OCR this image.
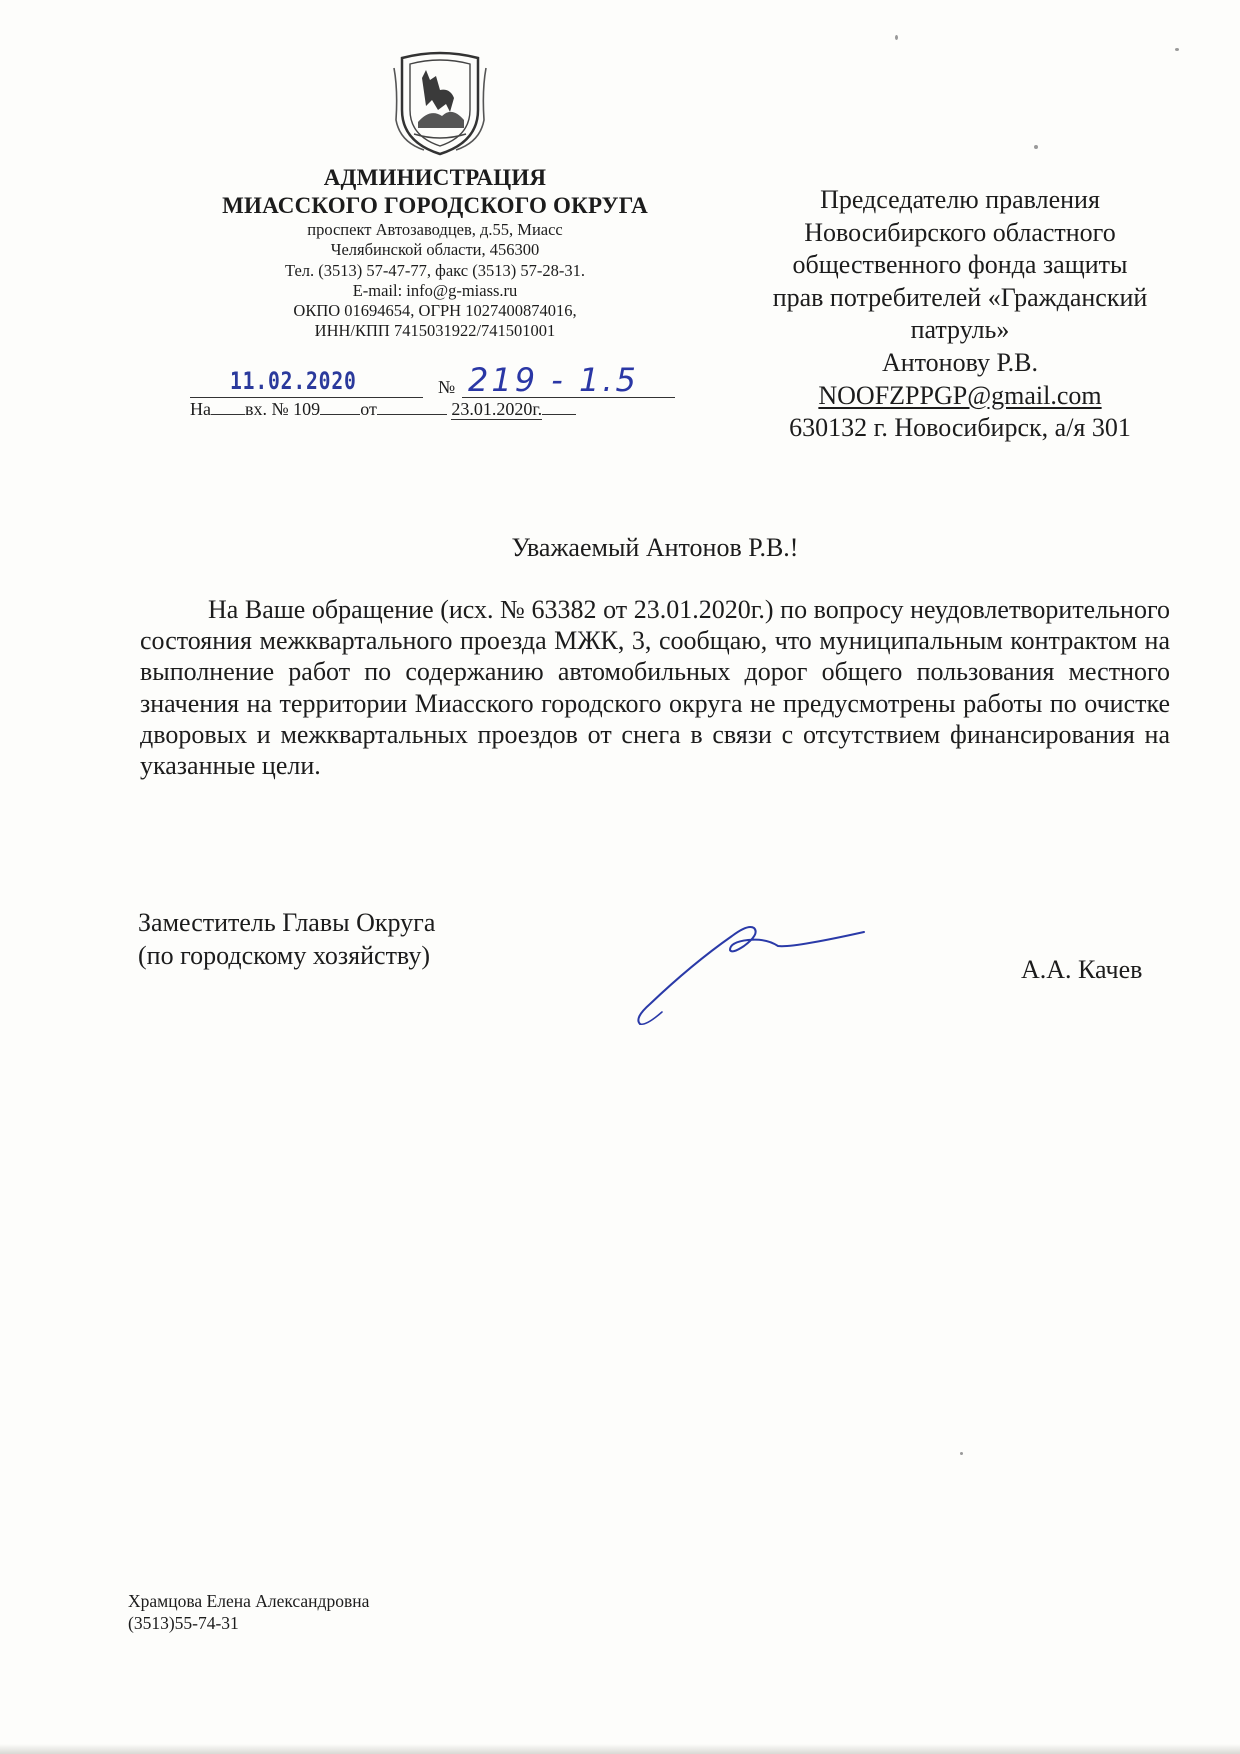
АДМИНИСТРАЦИЯ
МИАССКОГО ГОРОДСКОГО ОКРУГА
проспект Автозаводцев, д.55, Миасс
Челябинской области, 456300
Тел. (3513) 57-47-77, факс (3513) 57-28-31.
E-mail: info@g-miass.ru
ОКПО 01694654, ОГРН 1027400874016,
ИНН/КПП 7415031922/741501001
11.02.2020	№ 219 - 1.5
На вх. № 109 от	23.01.2020г.
Председателю правления
Новосибирского областного
общественного фонда защиты
прав потребителей «Гражданский
патруль»
Антонову Р.В.
NOOFZPPGP@gmail.com
630132 г. Новосибирск, а/я 301
Уважаемый Антонов Р.В.!
На Ваше обращение (исх. № 63382 от 23.01.2020г.) по вопросу неудовлетворительного состояния межквартального проезда МЖК, 3, сообщаю, что муниципальным контрактом на выполнение работ по содержанию автомобильных дорог общего пользования местного значения на территории Миасского городского округа не предусмотрены работы по очистке дворовых и межквартальных проездов от снега в связи с отсутствием финансирования на указанные цели.
Заместитель Главы Округа
(по городскому хозяйству)	А.А. Качев
Храмцова Елена Александровна
(3513)55-74-31
